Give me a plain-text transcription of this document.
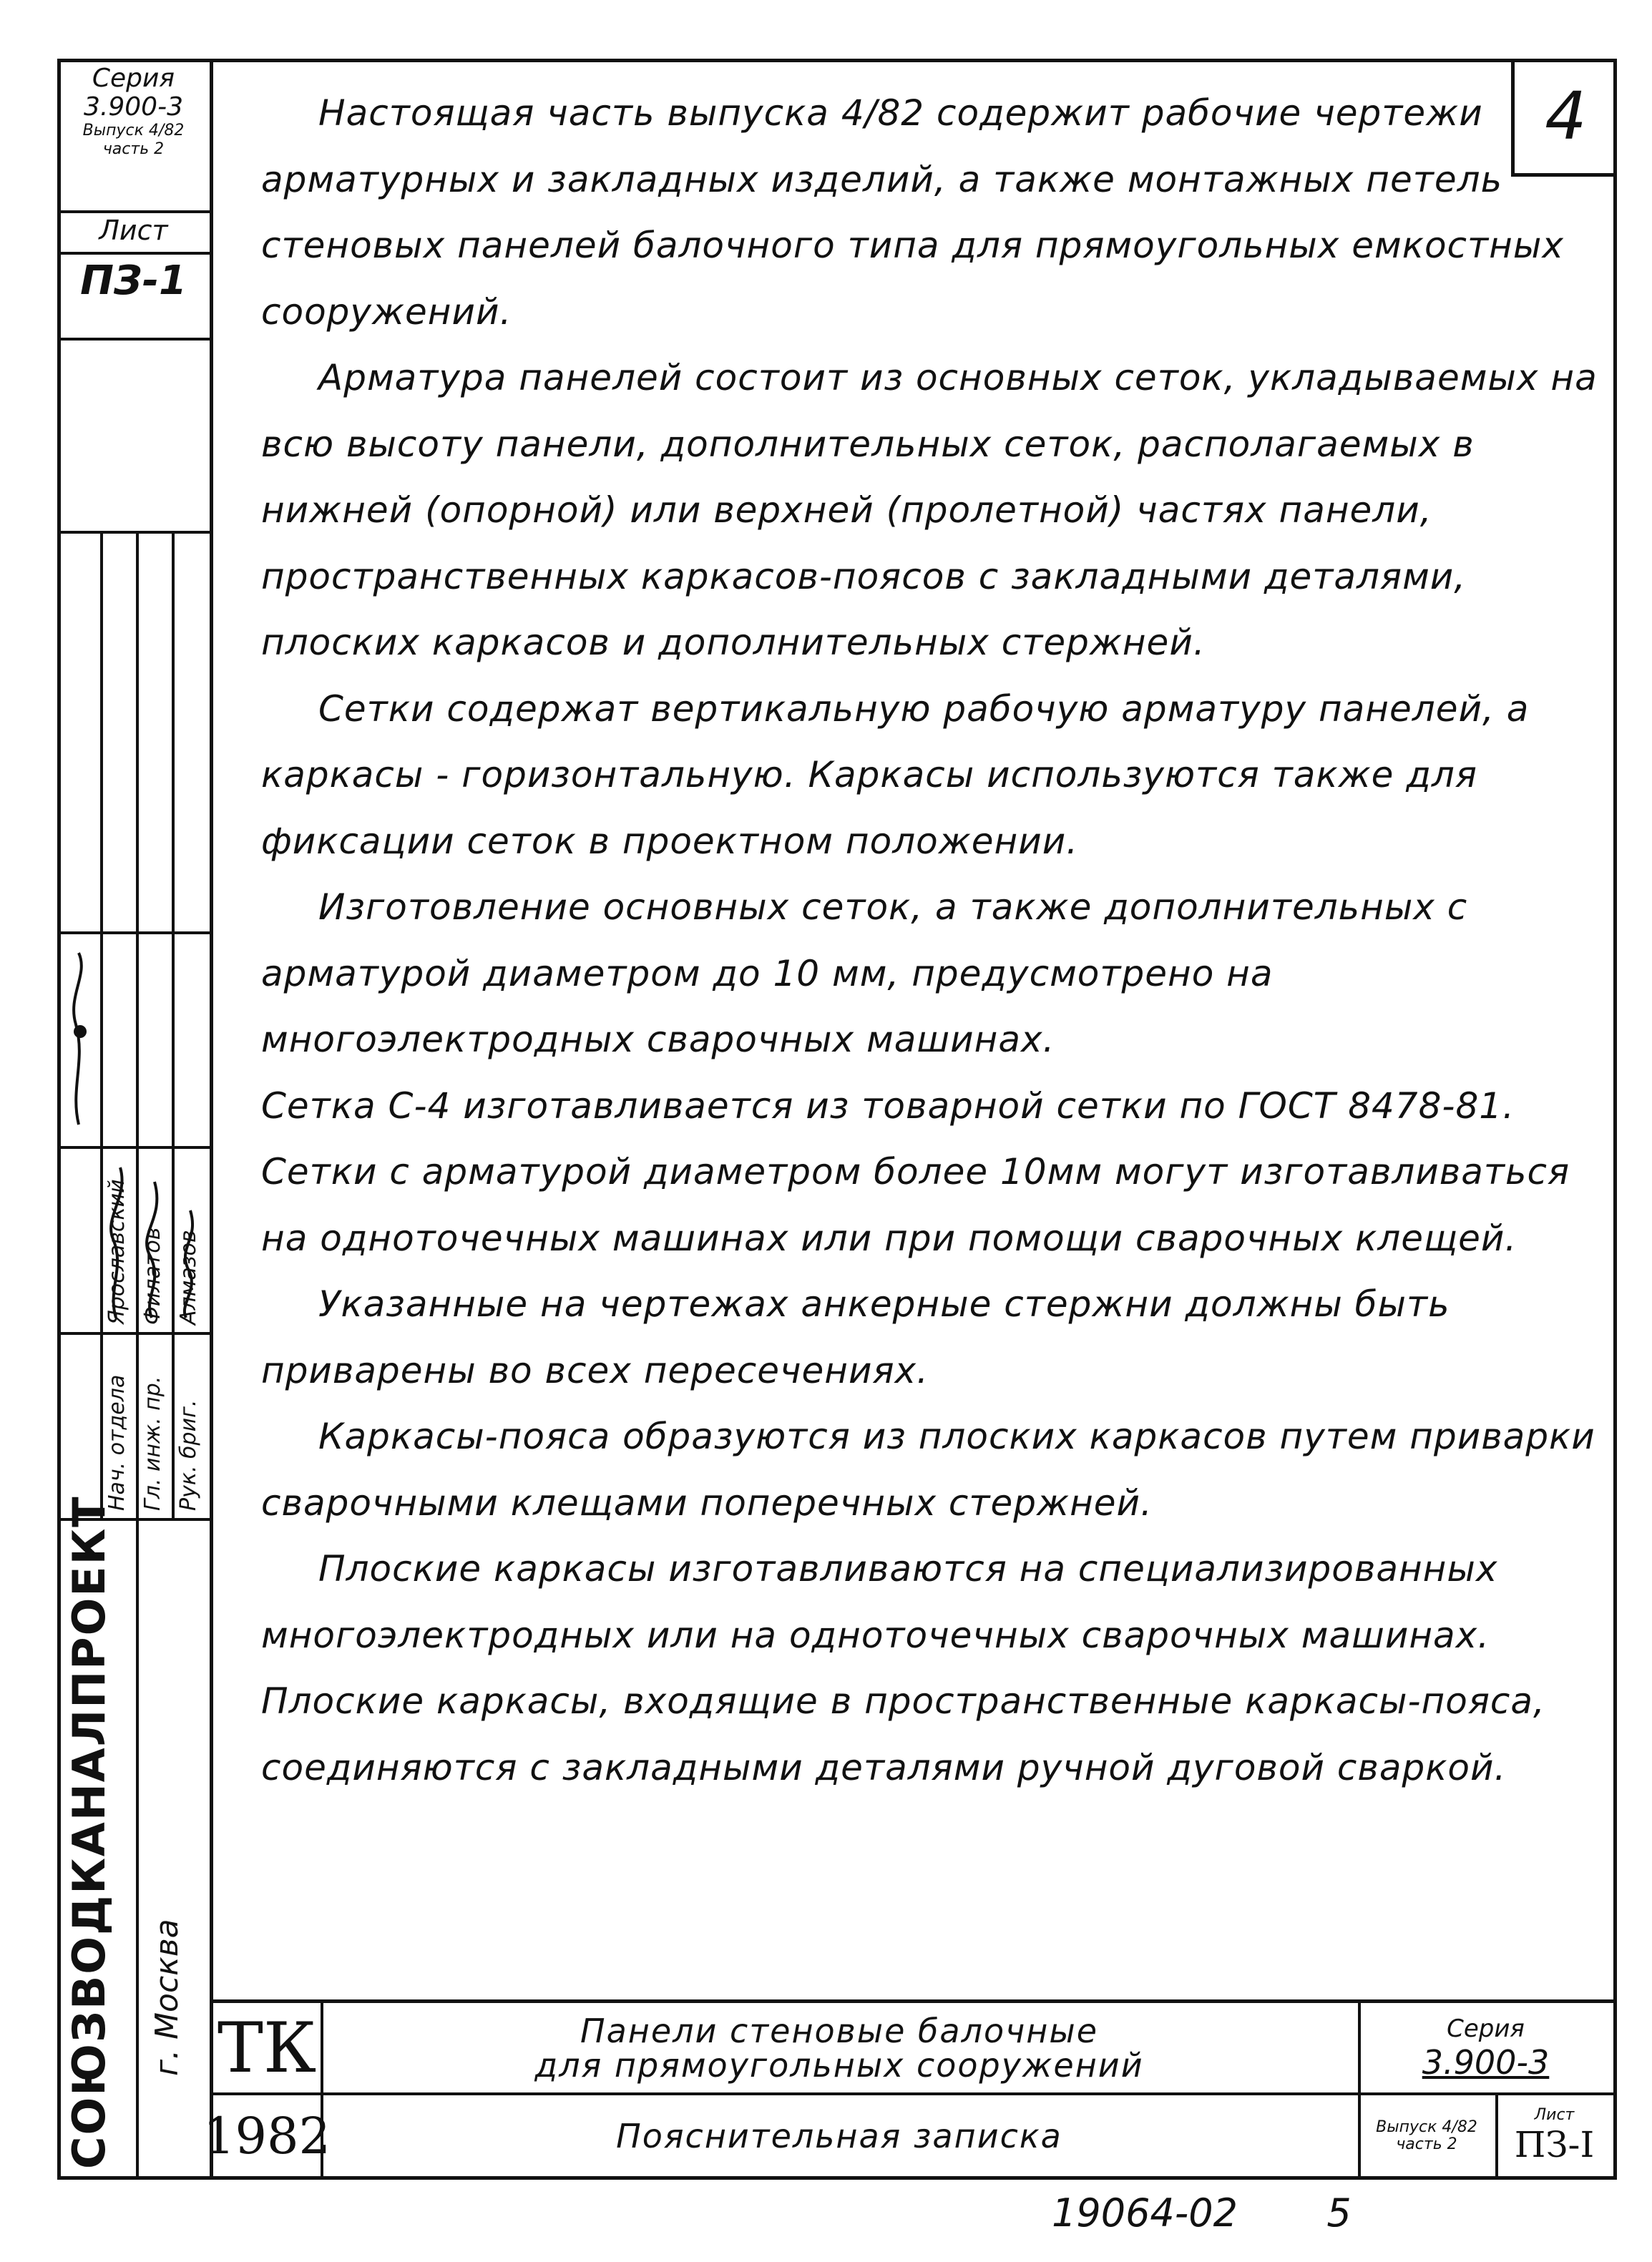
Серия
3.900-3
Выпуск 4/82
часть 2
Лист
ПЗ-1
Нач. отдела Гл. инж. пр. Рук. бриг.
Ярославский Филатов Алмазов
СОЮЗВОДКАНАЛПРОЕКТ г. Москва
4

Настоящая часть выпуска 4/82 содержит рабочие чертежи арматурных и закладных изделий, а также монтажных петель стеновых панелей балочного типа для прямоугольных емкостных сооружений.

Арматура панелей состоит из основных сеток, укладываемых на всю высоту панели, дополнительных сеток, располагаемых в нижней (опорной) или верхней (пролетной) частях панели, пространственных каркасов-поясов с закладными деталями, плоских каркасов и дополнительных стержней.

Сетки содержат вертикальную рабочую арматуру панелей, а каркасы - горизонтальную. Каркасы используются также для фиксации сеток в проектном положении.

Изготовление основных сеток, а также дополнительных с арматурой диаметром до 10 мм, предусмотрено на многоэлектродных сварочных машинах.

Сетка С-4 изготавливается из товарной сетки по ГОСТ 8478-81.

Сетки с арматурой диаметром более 10мм могут изготавливаться на одноточечных машинах или при помощи сварочных клещей.

Указанные на чертежах анкерные стержни должны быть приварены во всех пересечениях.

Каркасы-пояса образуются из плоских каркасов путем приварки сварочными клещами поперечных стержней.

Плоские каркасы изготавливаются на специализированных многоэлектродных или на одноточечных сварочных машинах.

Плоские каркасы, входящие в пространственные каркасы-пояса, соединяются с закладными деталями ручной дуговой сваркой.

ТК
1982
Панели стеновые балочные
для прямоугольных сооружений
Пояснительная записка
Серия
3.900-3
Выпуск 4/82
часть 2
Лист
ПЗ-I
19064-02 5
